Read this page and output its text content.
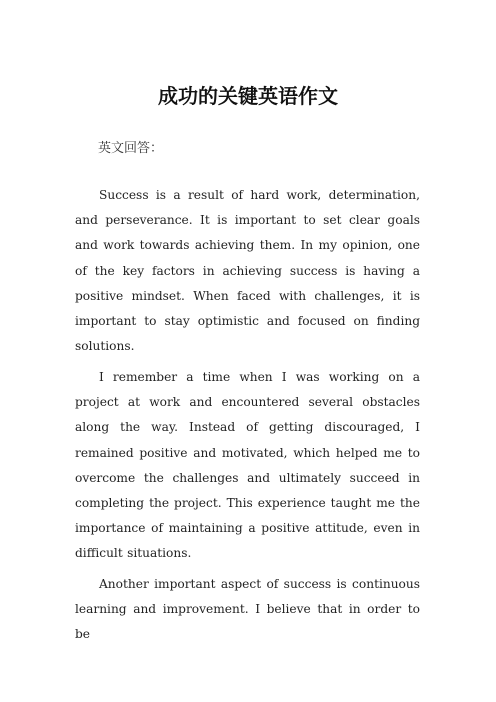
成功的关键英语作文
英文回答：

Success is a result of hard work, determination, and perseverance. It is important to set clear goals and work towards achieving them. In my opinion, one of the key factors in achieving success is having a positive mindset. When faced with challenges, it is important to stay optimistic and focused on finding solutions.

I remember a time when I was working on a project at work and encountered several obstacles along the way. Instead of getting discouraged, I remained positive and motivated, which helped me to overcome the challenges and ultimately succeed in completing the project. This experience taught me the importance of maintaining a positive attitude, even in difficult situations.

Another important aspect of success is continuous learning and improvement. I believe that in order to be
